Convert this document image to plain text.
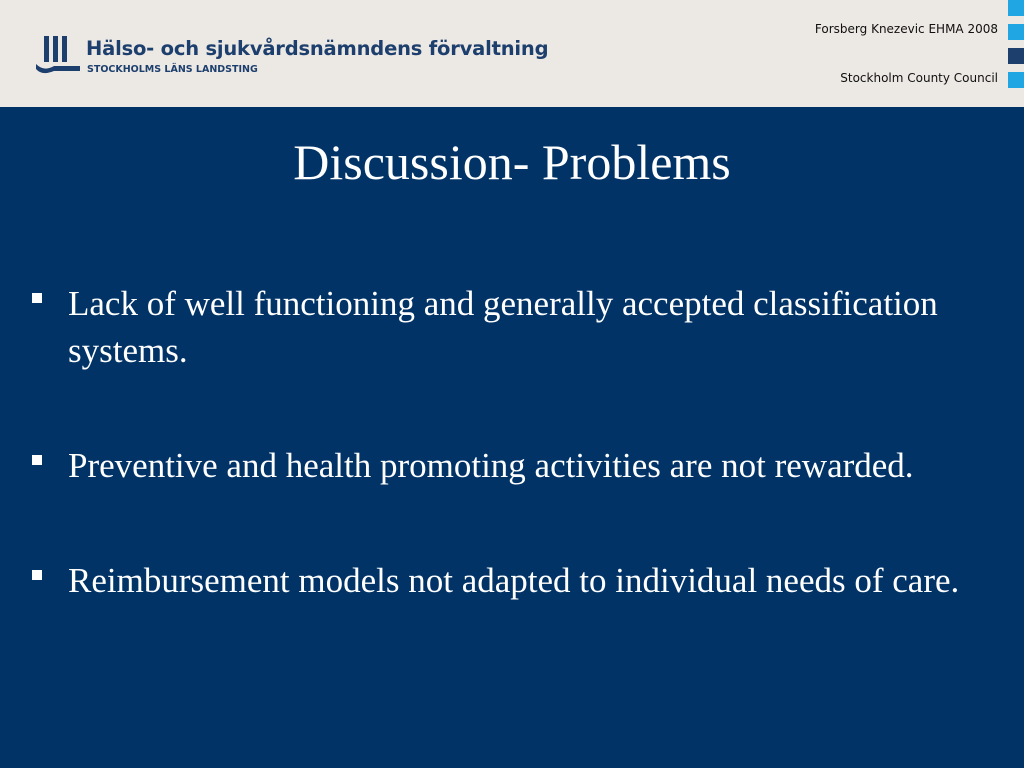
Hälso- och sjukvårdsnämndens förvaltning
STOCKHOLMS LÄNS LANDSTING
Forsberg Knezevic EHMA 2008
Stockholm County Council
Discussion- Problems
Lack of well functioning and generally accepted classification systems.
Preventive and health promoting activities are not rewarded.
Reimbursement models not adapted to individual needs of care.
